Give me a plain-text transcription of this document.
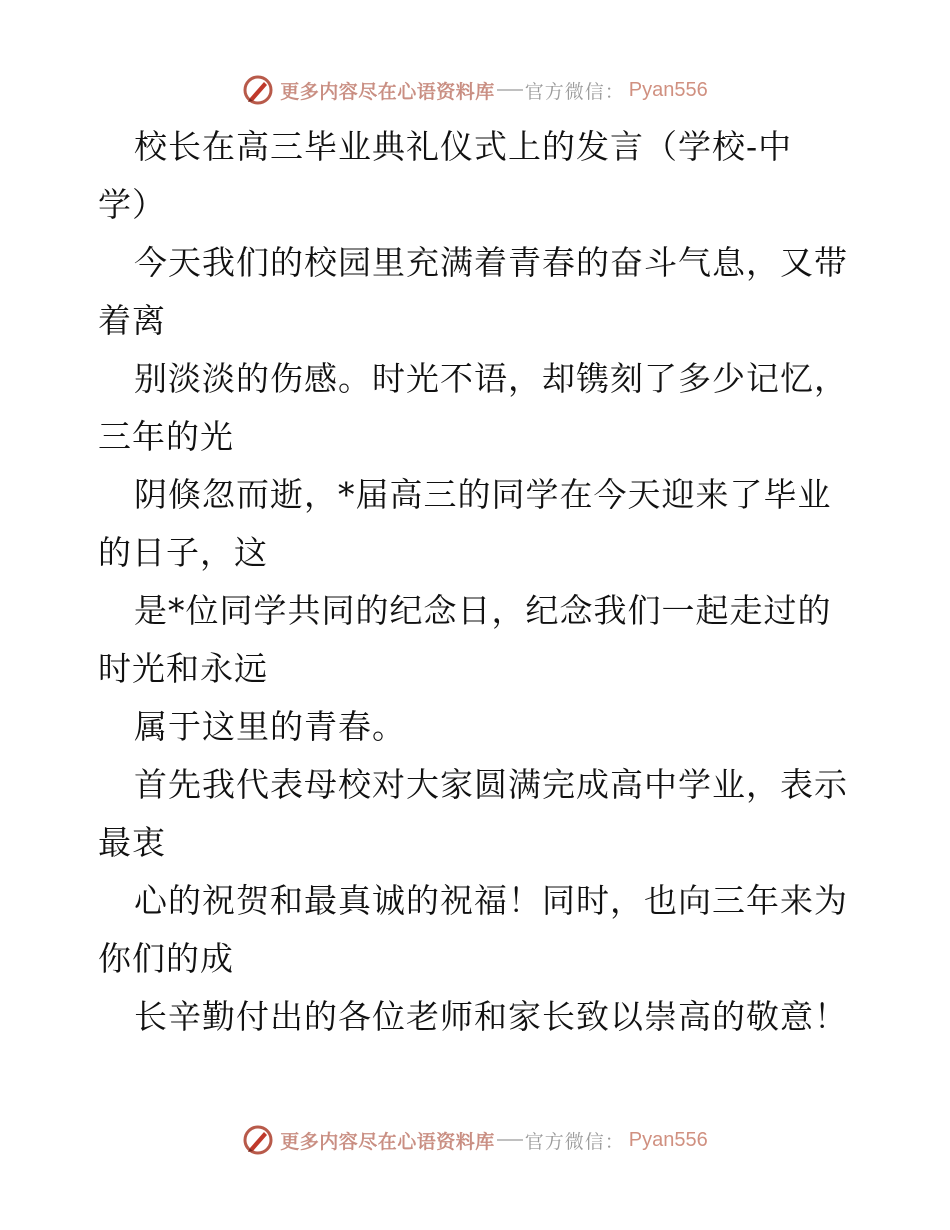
更多内容尽在心语资料库 官方微信： Pyan556
校长在高三毕业典礼仪式上的发言（学校-中
学）
今天我们的校园里充满着青春的奋斗气息，又带
着离
别淡淡的伤感。时光不语，却镌刻了多少记忆，
三年的光
阴倏忽而逝，*届高三的同学在今天迎来了毕业
的日子，这
是*位同学共同的纪念日，纪念我们一起走过的
时光和永远
属于这里的青春。
首先我代表母校对大家圆满完成高中学业，表示
最衷
心的祝贺和最真诚的祝福！同时，也向三年来为
你们的成
长辛勤付出的各位老师和家长致以崇高的敬意！
更多内容尽在心语资料库 官方微信： Pyan556
